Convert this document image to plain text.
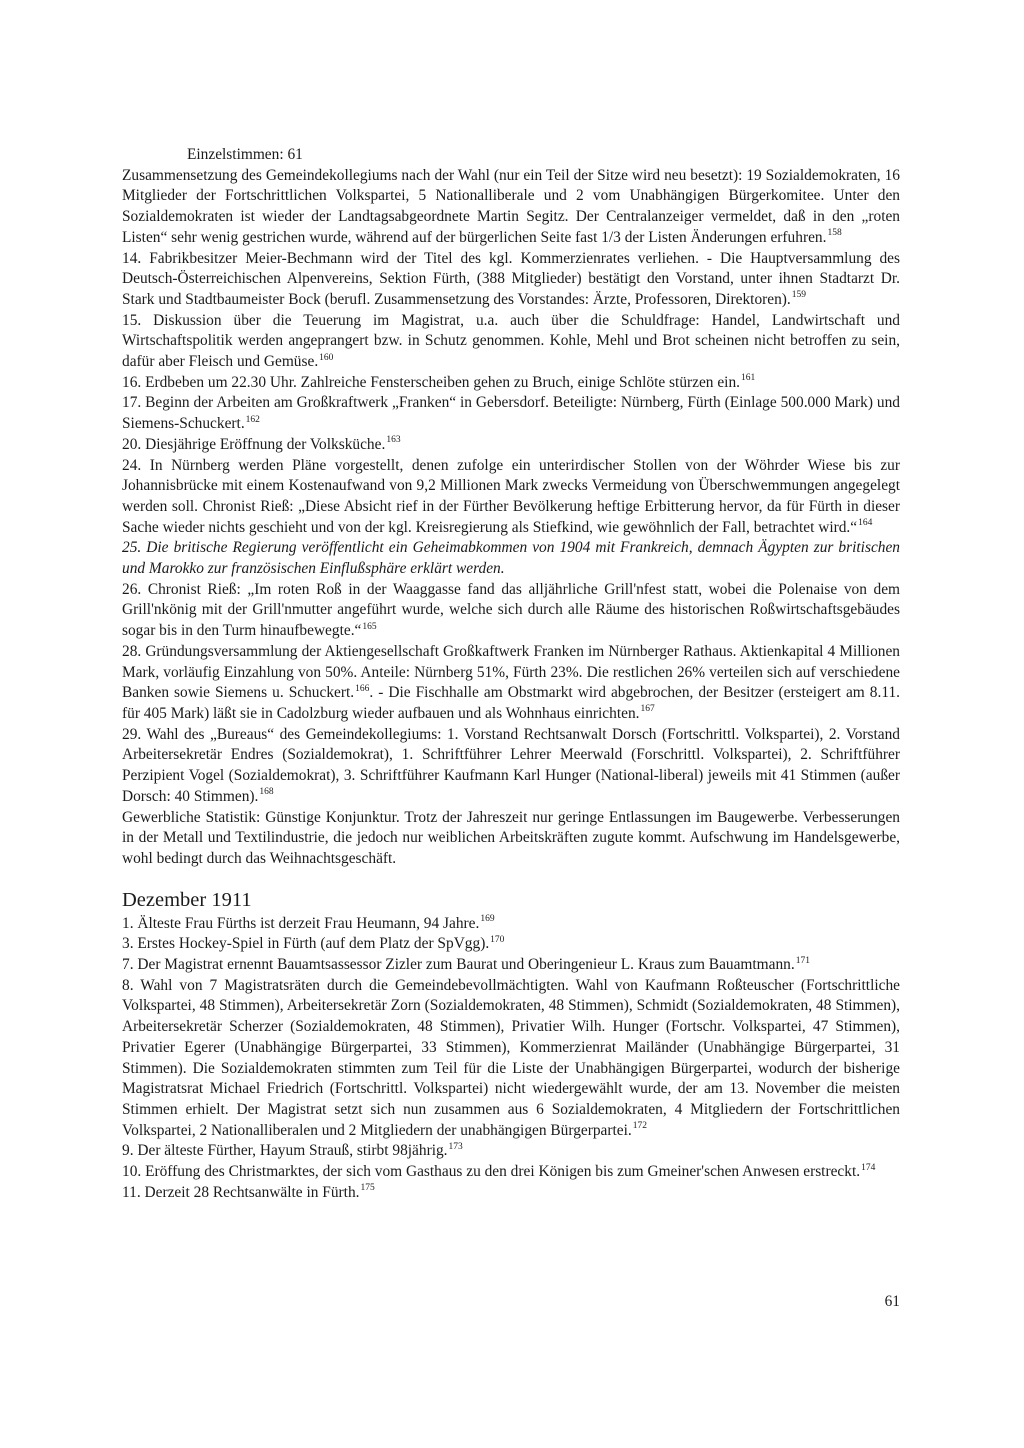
Einzelstimmen: 61

Zusammensetzung des Gemeindekollegiums nach der Wahl (nur ein Teil der Sitze wird neu besetzt): 19 Sozialdemokraten, 16 Mitglieder der Fortschrittlichen Volkspartei, 5 Nationalliberale und 2 vom Unabhängigen Bürgerkomitee. Unter den Sozialdemokraten ist wieder der Landtagsabgeordnete Martin Segitz. Der Centralanzeiger vermeldet, daß in den „roten Listen“ sehr wenig gestrichen wurde, während auf der bürgerlichen Seite fast 1/3 der Listen Änderungen erfuhren.$^{158}$

14. Fabrikbesitzer Meier-Bechmann wird der Titel des kgl. Kommerzienrates verliehen. - Die Hauptversammlung des Deutsch-Österreichischen Alpenvereins, Sektion Fürth, (388 Mitglieder) bestätigt den Vorstand, unter ihnen Stadtarzt Dr. Stark und Stadtbaumeister Bock (berufl. Zusammensetzung des Vorstandes: Ärzte, Professoren, Direktoren).$^{159}$

15. Diskussion über die Teuerung im Magistrat, u.a. auch über die Schuldfrage: Handel, Landwirtschaft und Wirtschaftspolitik werden angeprangert bzw. in Schutz genommen. Kohle, Mehl und Brot scheinen nicht betroffen zu sein, dafür aber Fleisch und Gemüse.$^{160}$

16. Erdbeben um 22.30 Uhr. Zahlreiche Fensterscheiben gehen zu Bruch, einige Schlöte stürzen ein.$^{161}$

17. Beginn der Arbeiten am Großkraftwerk „Franken“ in Gebersdorf. Beteiligte: Nürnberg, Fürth (Einlage 500.000 Mark) und Siemens-Schuckert.$^{162}$

20. Diesjährige Eröffnung der Volksküche.$^{163}$

24. In Nürnberg werden Pläne vorgestellt, denen zufolge ein unterirdischer Stollen von der Wöhrder Wiese bis zur Johannisbrücke mit einem Kostenaufwand von 9,2 Millionen Mark zwecks Vermeidung von Überschwemmungen angegelegt werden soll. Chronist Rieß: „Diese Absicht rief in der Fürther Bevölkerung heftige Erbitterung hervor, da für Fürth in dieser Sache wieder nichts geschieht und von der kgl. Kreisregierung als Stiefkind, wie gewöhnlich der Fall, betrachtet wird.“$^{164}$

25. Die britische Regierung veröffentlicht ein Geheimabkommen von 1904 mit Frankreich, demnach Ägypten zur britischen und Marokko zur französischen Einflußsphäre erklärt werden.

26. Chronist Rieß: „Im roten Roß in der Waaggasse fand das alljährliche Grill'nfest statt, wobei die Polenaise von dem Grill'nkönig mit der Grill'nmutter angeführt wurde, welche sich durch alle Räume des historischen Roßwirtschaftsgebäudes sogar bis in den Turm hinaufbewegte.“$^{165}$

28. Gründungsversammlung der Aktiengesellschaft Großkaftwerk Franken im Nürnberger Rathaus. Aktienkapital 4 Millionen Mark, vorläufig Einzahlung von 50%. Anteile: Nürnberg 51%, Fürth 23%. Die restlichen 26% verteilen sich auf verschiedene Banken sowie Siemens u. Schuckert.$^{166}$. - Die Fischhalle am Obstmarkt wird abgebrochen, der Besitzer (ersteigert am 8.11. für 405 Mark) läßt sie in Cadolzburg wieder aufbauen und als Wohnhaus einrichten.$^{167}$

29. Wahl des „Bureaus“ des Gemeindekollegiums: 1. Vorstand Rechtsanwalt Dorsch (Fortschrittl. Volkspartei), 2. Vorstand Arbeitersekretär Endres (Sozialdemokrat), 1. Schriftführer Lehrer Meerwald (Forschrittl. Volkspartei), 2. Schriftführer Perzipient Vogel (Sozialdemokrat), 3. Schriftführer Kaufmann Karl Hunger (National-liberal) jeweils mit 41 Stimmen (außer Dorsch: 40 Stimmen).$^{168}$

Gewerbliche Statistik: Günstige Konjunktur. Trotz der Jahreszeit nur geringe Entlassungen im Baugewerbe. Verbesserungen in der Metall und Textilindustrie, die jedoch nur weiblichen Arbeitskräften zugute kommt. Aufschwung im Handelsgewerbe, wohl bedingt durch das Weihnachtsgeschäft.

Dezember 1911

1. Älteste Frau Fürths ist derzeit Frau Heumann, 94 Jahre.$^{169}$

3. Erstes Hockey-Spiel in Fürth (auf dem Platz der SpVgg).$^{170}$

7. Der Magistrat ernennt Bauamtsassessor Zizler zum Baurat und Oberingenieur L. Kraus zum Bauamtmann.$^{171}$

8. Wahl von 7 Magistratsräten durch die Gemeindebevollmächtigten. Wahl von Kaufmann Roßteuscher (Fortschrittliche Volkspartei, 48 Stimmen), Arbeitersekretär Zorn (Sozialdemokraten, 48 Stimmen), Schmidt (Sozialdemokraten, 48 Stimmen), Arbeitersekretär Scherzer (Sozialdemokraten, 48 Stimmen), Privatier Wilh. Hunger (Fortschr. Volkspartei, 47 Stimmen), Privatier Egerer (Unabhängige Bürgerpartei, 33 Stimmen), Kommerzienrat Mailänder (Unabhängige Bürgerpartei, 31 Stimmen). Die Sozialdemokraten stimmten zum Teil für die Liste der Unabhängigen Bürgerpartei, wodurch der bisherige Magistratsrat Michael Friedrich (Fortschrittl. Volkspartei) nicht wiedergewählt wurde, der am 13. November die meisten Stimmen erhielt. Der Magistrat setzt sich nun zusammen aus 6 Sozialdemokraten, 4 Mitgliedern der Fortschrittlichen Volkspartei, 2 Nationalliberalen und 2 Mitgliedern der unabhängigen Bürgerpartei.$^{172}$

9. Der älteste Fürther, Hayum Strauß, stirbt 98jährig.$^{173}$

10. Eröffung des Christmarktes, der sich vom Gasthaus zu den drei Königen bis zum Gmeiner'schen Anwesen erstreckt.$^{174}$

11. Derzeit 28 Rechtsanwälte in Fürth.$^{175}$

61
